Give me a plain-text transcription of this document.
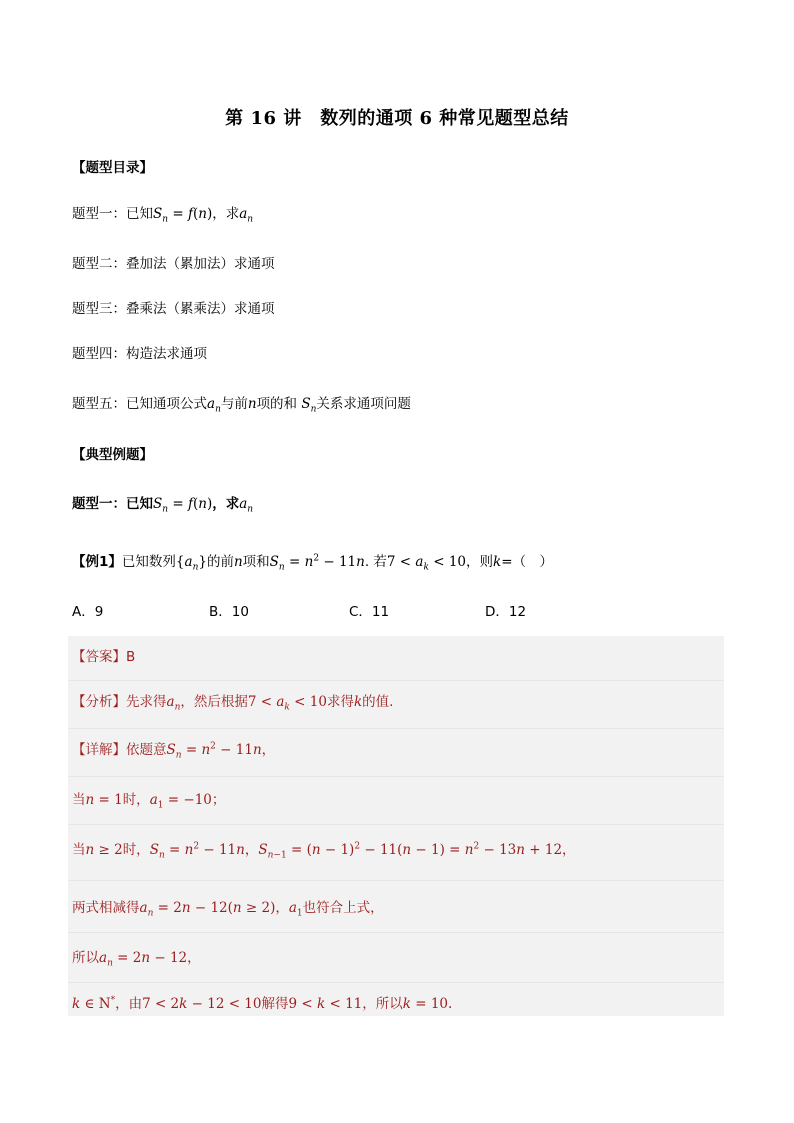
第 16 讲　数列的通项 6 种常见题型总结
【题型目录】
题型一：已知$S_n = f(n)$，求$a_n$
题型二：叠加法（累加法）求通项
题型三：叠乘法（累乘法）求通项
题型四：构造法求通项
题型五：已知通项公式$a_n$与前n项的和 $S_n$关系求通项问题
【典型例题】
题型一：已知$S_n = f(n)$，求$a_n$
【例1】已知数列$\{a_n\}$的前n项和$S_n = n^2 - 11n$. 若$7 < a_k < 10$，则k=（　）
A．9	B．10	C．11	D．12
【答案】B
【分析】先求得$a_n$，然后根据$7 < a_k < 10$求得k的值.
【详解】依题意$S_n = n^2 - 11n$，
当n = 1时，$a_1 = -10$；
当n ≥ 2时，$S_n = n^2 - 11n$，$S_{n-1} = (n - 1)^2 - 11(n - 1) = n^2 - 13n + 12$，
两式相减得$a_n = 2n - 12(n \ge 2)$，$a_1$也符合上式，
所以$a_n = 2n - 12$，
k ∈ N*，由7 < 2k − 12 < 10解得9 < k < 11，所以k = 10.
